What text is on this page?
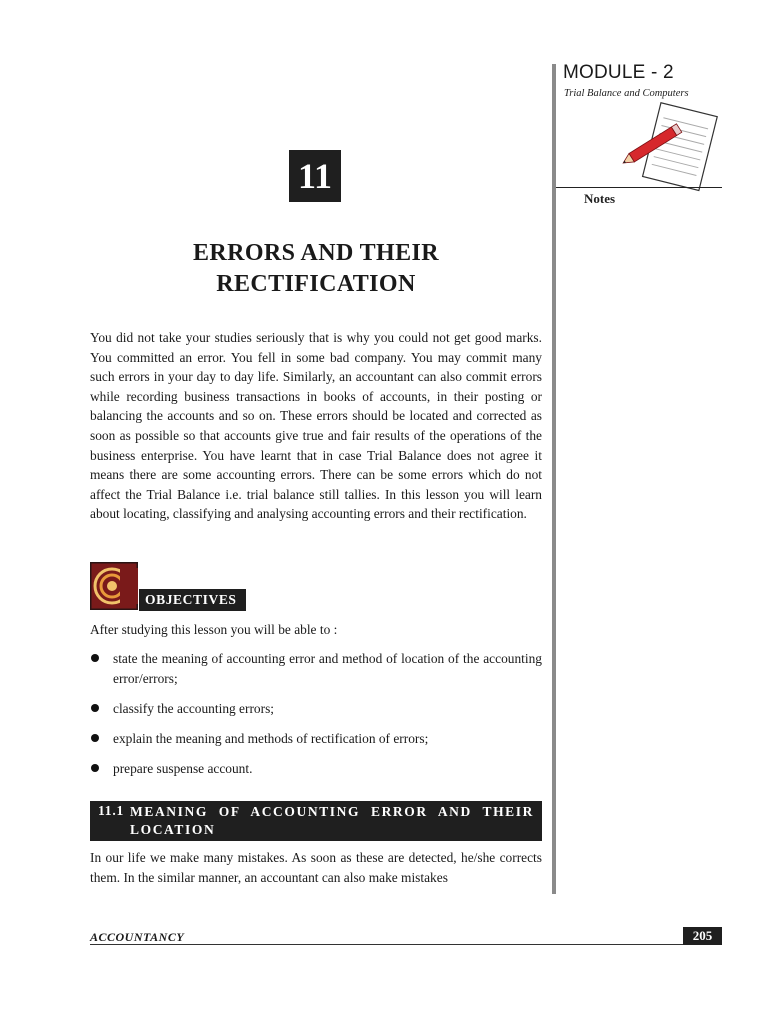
MODULE - 2
Trial Balance and Computers
Notes
11
ERRORS AND THEIR
RECTIFICATION
You did not take your studies seriously that is why you could not get good marks. You committed an error. You fell in some bad company. You may commit many such errors in your day to day life. Similarly, an accountant can also commit errors while recording business transactions in books of accounts, in their posting or balancing the accounts and so on. These errors should be located and corrected as soon as possible so that accounts give true and fair results of the operations of the business enterprise. You have learnt that in case Trial Balance does not agree it means there are some accounting errors. There can be some errors which do not affect the Trial Balance i.e. trial balance still tallies. In this lesson you will learn about locating, classifying and analysing accounting errors and their rectification.
OBJECTIVES
After studying this lesson you will be able to :
state the meaning of accounting error and method of location of the accounting error/errors;
classify the accounting errors;
explain the meaning and methods of rectification of errors;
prepare suspense account.
11.1 MEANING OF ACCOUNTING ERROR AND THEIR LOCATION
In our life we make many mistakes. As soon as these are detected, he/she corrects them. In the similar manner, an accountant can also make mistakes
ACCOUNTANCY	205
